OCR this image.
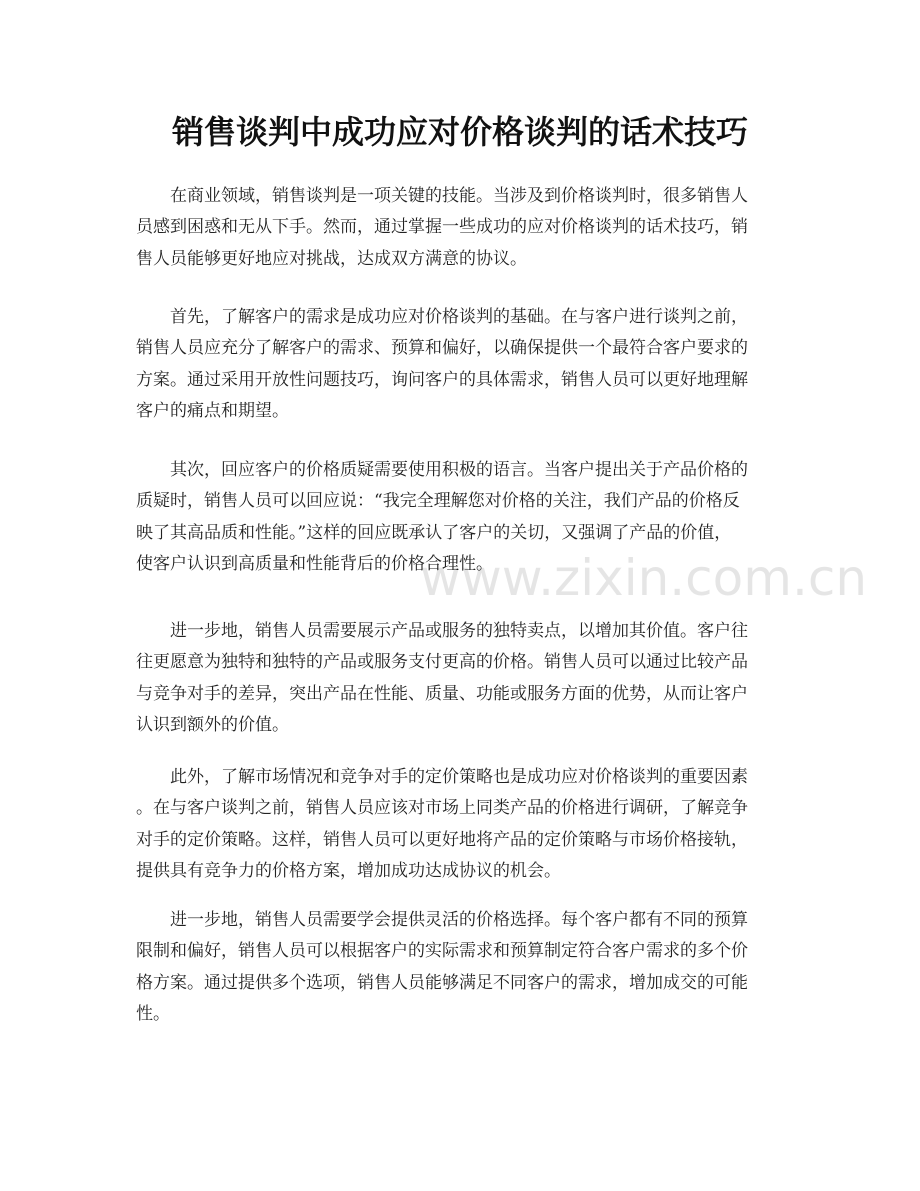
销售谈判中成功应对价格谈判的话术技巧
在商业领域，销售谈判是一项关键的技能。当涉及到价格谈判时，很多销售人
员感到困惑和无从下手。然而，通过掌握一些成功的应对价格谈判的话术技巧，销
售人员能够更好地应对挑战，达成双方满意的协议。
首先，了解客户的需求是成功应对价格谈判的基础。在与客户进行谈判之前，
销售人员应充分了解客户的需求、预算和偏好，以确保提供一个最符合客户要求的
方案。通过采用开放性问题技巧，询问客户的具体需求，销售人员可以更好地理解
客户的痛点和期望。
其次，回应客户的价格质疑需要使用积极的语言。当客户提出关于产品价格的
质疑时，销售人员可以回应说：“我完全理解您对价格的关注，我们产品的价格反
映了其高品质和性能。”这样的回应既承认了客户的关切，又强调了产品的价值，
使客户认识到高质量和性能背后的价格合理性。
进一步地，销售人员需要展示产品或服务的独特卖点，以增加其价值。客户往
往更愿意为独特和独特的产品或服务支付更高的价格。销售人员可以通过比较产品
与竞争对手的差异，突出产品在性能、质量、功能或服务方面的优势，从而让客户
认识到额外的价值。
此外，了解市场情况和竞争对手的定价策略也是成功应对价格谈判的重要因素
。在与客户谈判之前，销售人员应该对市场上同类产品的价格进行调研，了解竞争
对手的定价策略。这样，销售人员可以更好地将产品的定价策略与市场价格接轨，
提供具有竞争力的价格方案，增加成功达成协议的机会。
进一步地，销售人员需要学会提供灵活的价格选择。每个客户都有不同的预算
限制和偏好，销售人员可以根据客户的实际需求和预算制定符合客户需求的多个价
格方案。通过提供多个选项，销售人员能够满足不同客户的需求，增加成交的可能
性。
www.zixin.com.cn
